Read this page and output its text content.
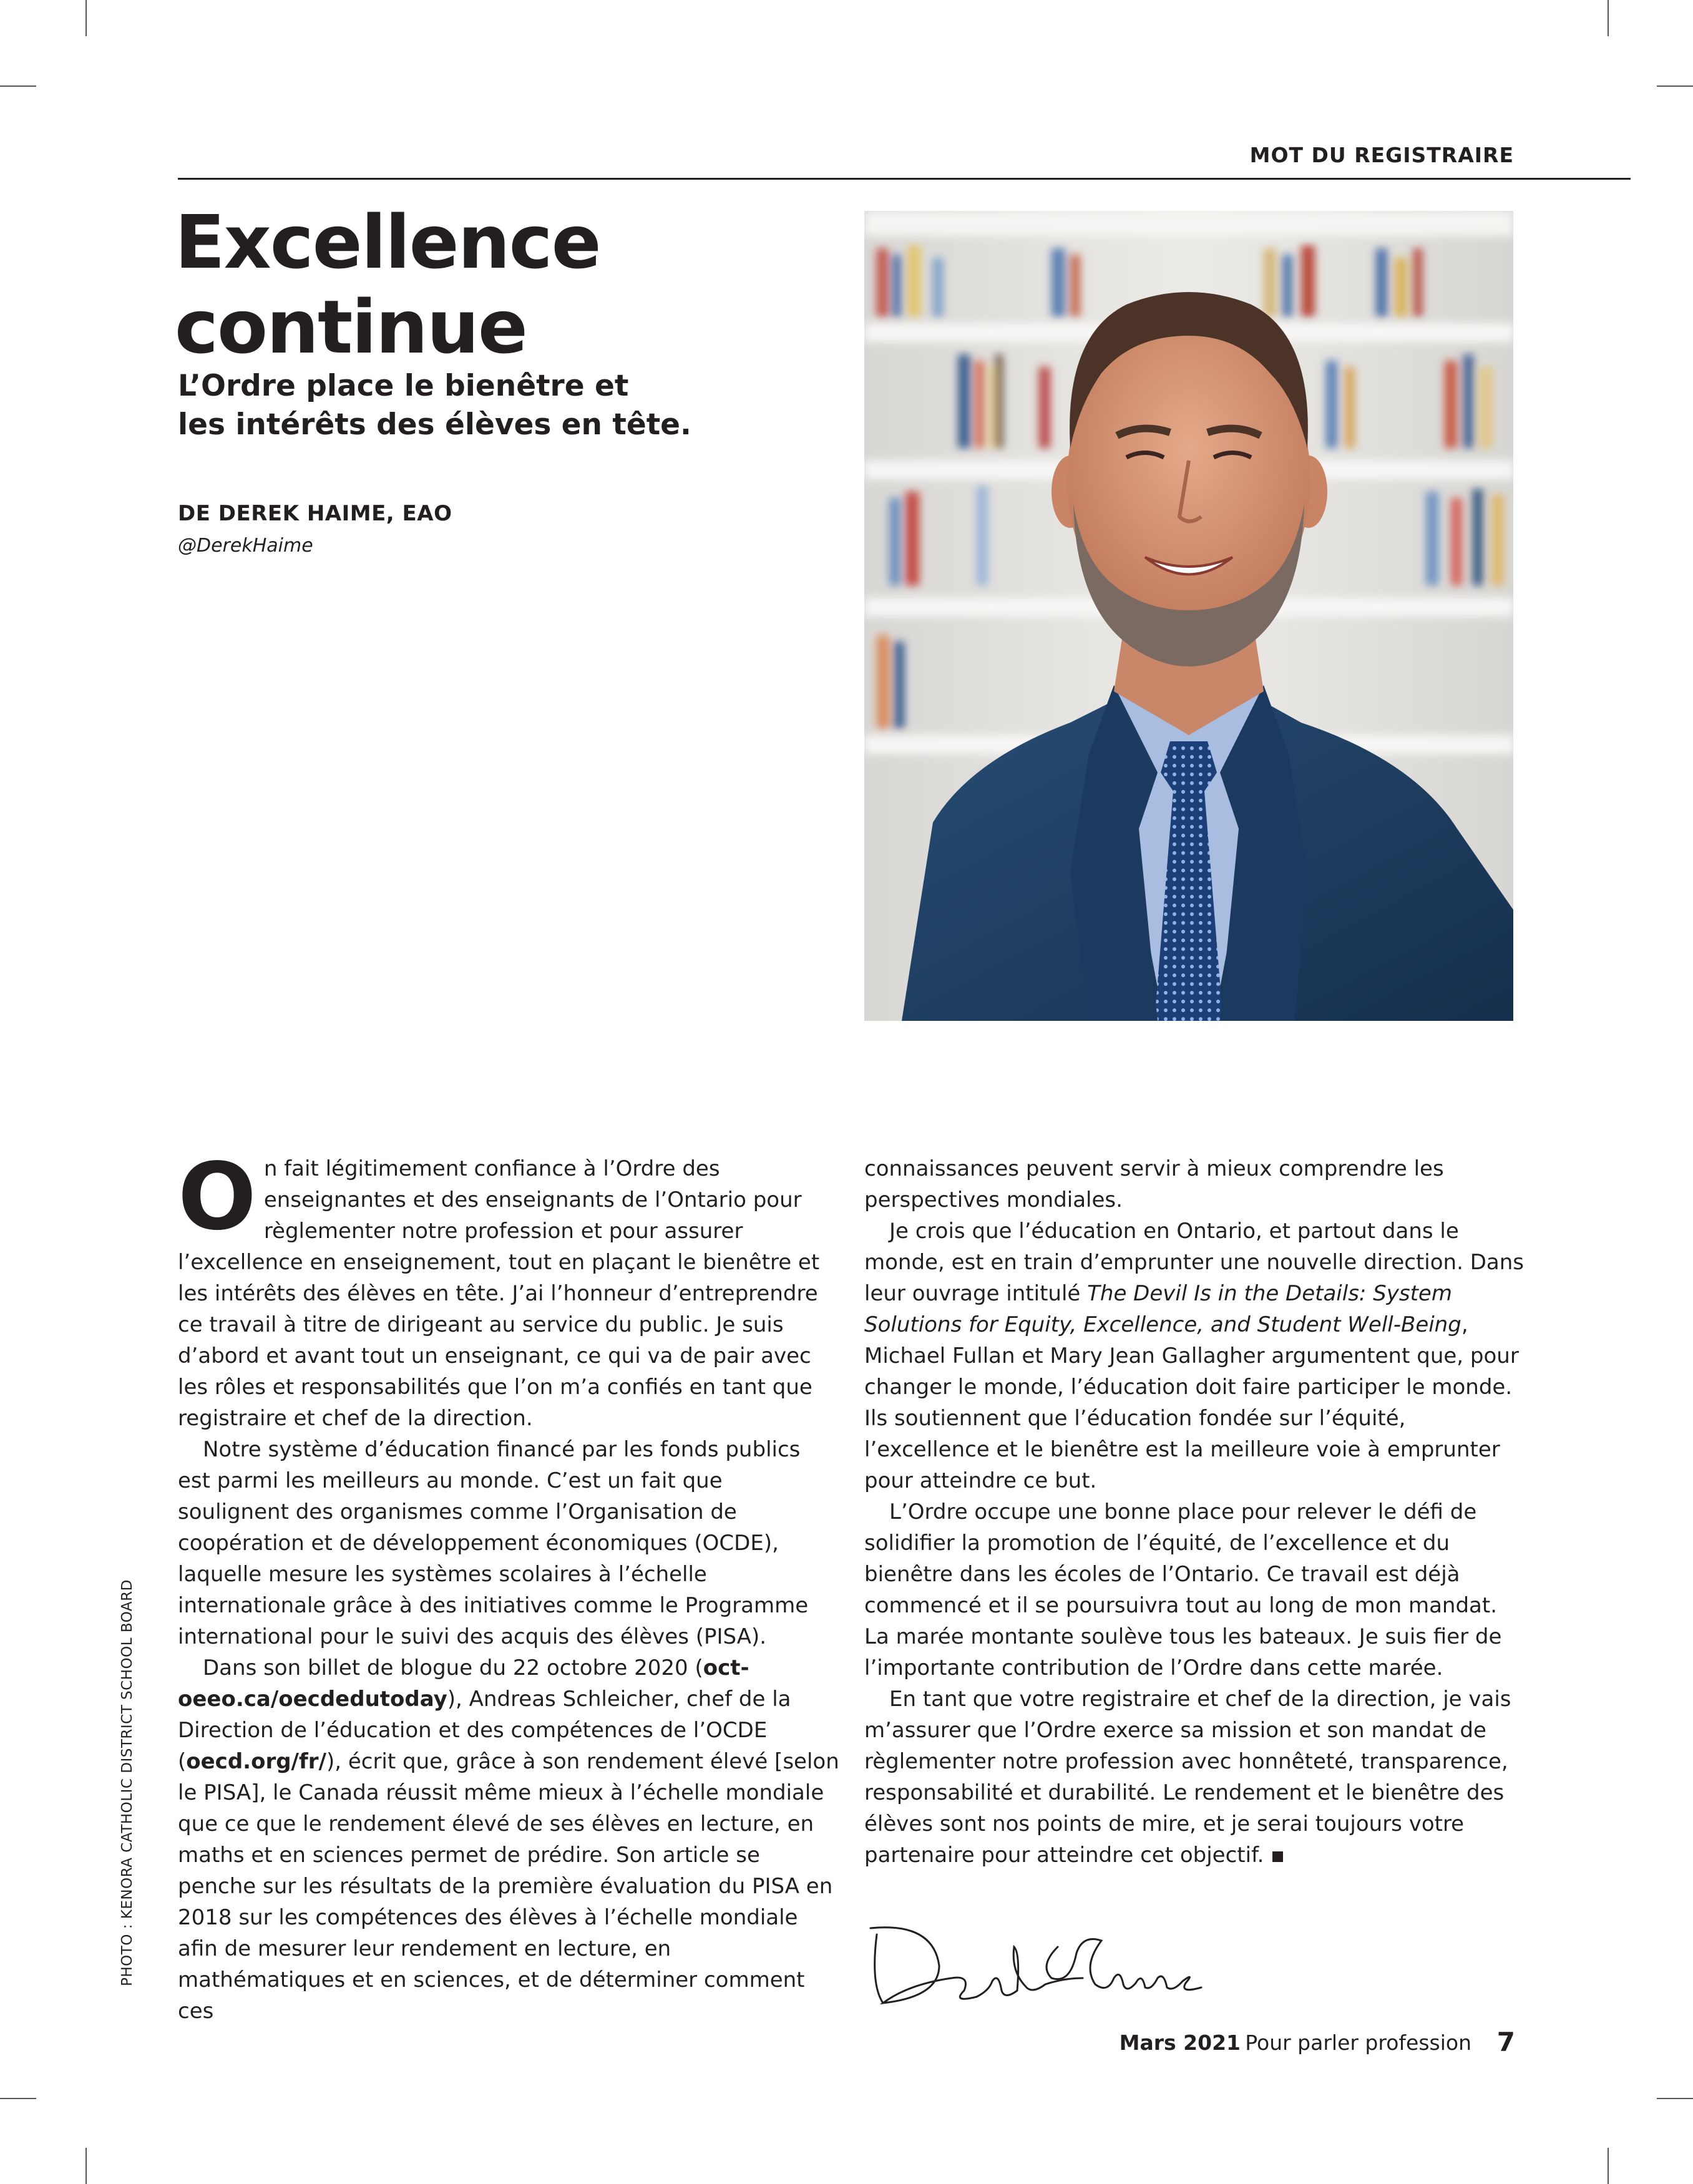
MOT DU REGISTRAIRE
Excellence
continue
L’Ordre place le bienêtre et
les intérêts des élèves en tête.
DE DEREK HAIME, EAO
@DerekHaime

On fait légitimement confiance à l’Ordre des enseignantes et des enseignants de l’Ontario pour règlementer notre profession et pour assurer l’excellence en enseignement, tout en plaçant le bienêtre et les intérêts des élèves en tête. J’ai l’honneur d’entreprendre ce travail à titre de dirigeant au service du public. Je suis d’abord et avant tout un enseignant, ce qui va de pair avec les rôles et responsabilités que l’on m’a confiés en tant que registraire et chef de la direction.

Notre système d’éducation financé par les fonds publics est parmi les meilleurs au monde. C’est un fait que soulignent des organismes comme l’Organisation de coopération et de développement économiques (OCDE), laquelle mesure les systèmes scolaires à l’échelle internationale grâce à des initiatives comme le Programme international pour le suivi des acquis des élèves (PISA).

Dans son billet de blogue du 22 octobre 2020 (oct-oeeo.ca/oecdedutoday), Andreas Schleicher, chef de la Direction de l’éducation et des compétences de l’OCDE (oecd.org/fr/), écrit que, grâce à son rendement élevé [selon le PISA], le Canada réussit même mieux à l’échelle mondiale que ce que le rendement élevé de ses élèves en lecture, en maths et en sciences permet de prédire. Son article se penche sur les résultats de la première évaluation du PISA en 2018 sur les compétences des élèves à l’échelle mondiale afin de mesurer leur rendement en lecture, en mathématiques et en sciences, et de déterminer comment ces

connaissances peuvent servir à mieux comprendre les perspectives mondiales.

Je crois que l’éducation en Ontario, et partout dans le monde, est en train d’emprunter une nouvelle direction. Dans leur ouvrage intitulé The Devil Is in the Details: System Solutions for Equity, Excellence, and Student Well-Being, Michael Fullan et Mary Jean Gallagher argumentent que, pour changer le monde, l’éducation doit faire participer le monde. Ils soutiennent que l’éducation fondée sur l’équité, l’excellence et le bienêtre est la meilleure voie à emprunter pour atteindre ce but.

L’Ordre occupe une bonne place pour relever le défi de solidifier la promotion de l’équité, de l’excellence et du bienêtre dans les écoles de l’Ontario. Ce travail est déjà commencé et il se poursuivra tout au long de mon mandat. La marée montante soulève tous les bateaux. Je suis fier de l’importante contribution de l’Ordre dans cette marée.

En tant que votre registraire et chef de la direction, je vais m’assurer que l’Ordre exerce sa mission et son mandat de règlementer notre profession avec honnêteté, transparence, responsabilité et durabilité. Le rendement et le bienêtre des élèves sont nos points de mire, et je serai toujours votre partenaire pour atteindre cet objectif.

PHOTO : KENORA CATHOLIC DISTRICT SCHOOL BOARD
Mars 2021 Pour parler profession 7
